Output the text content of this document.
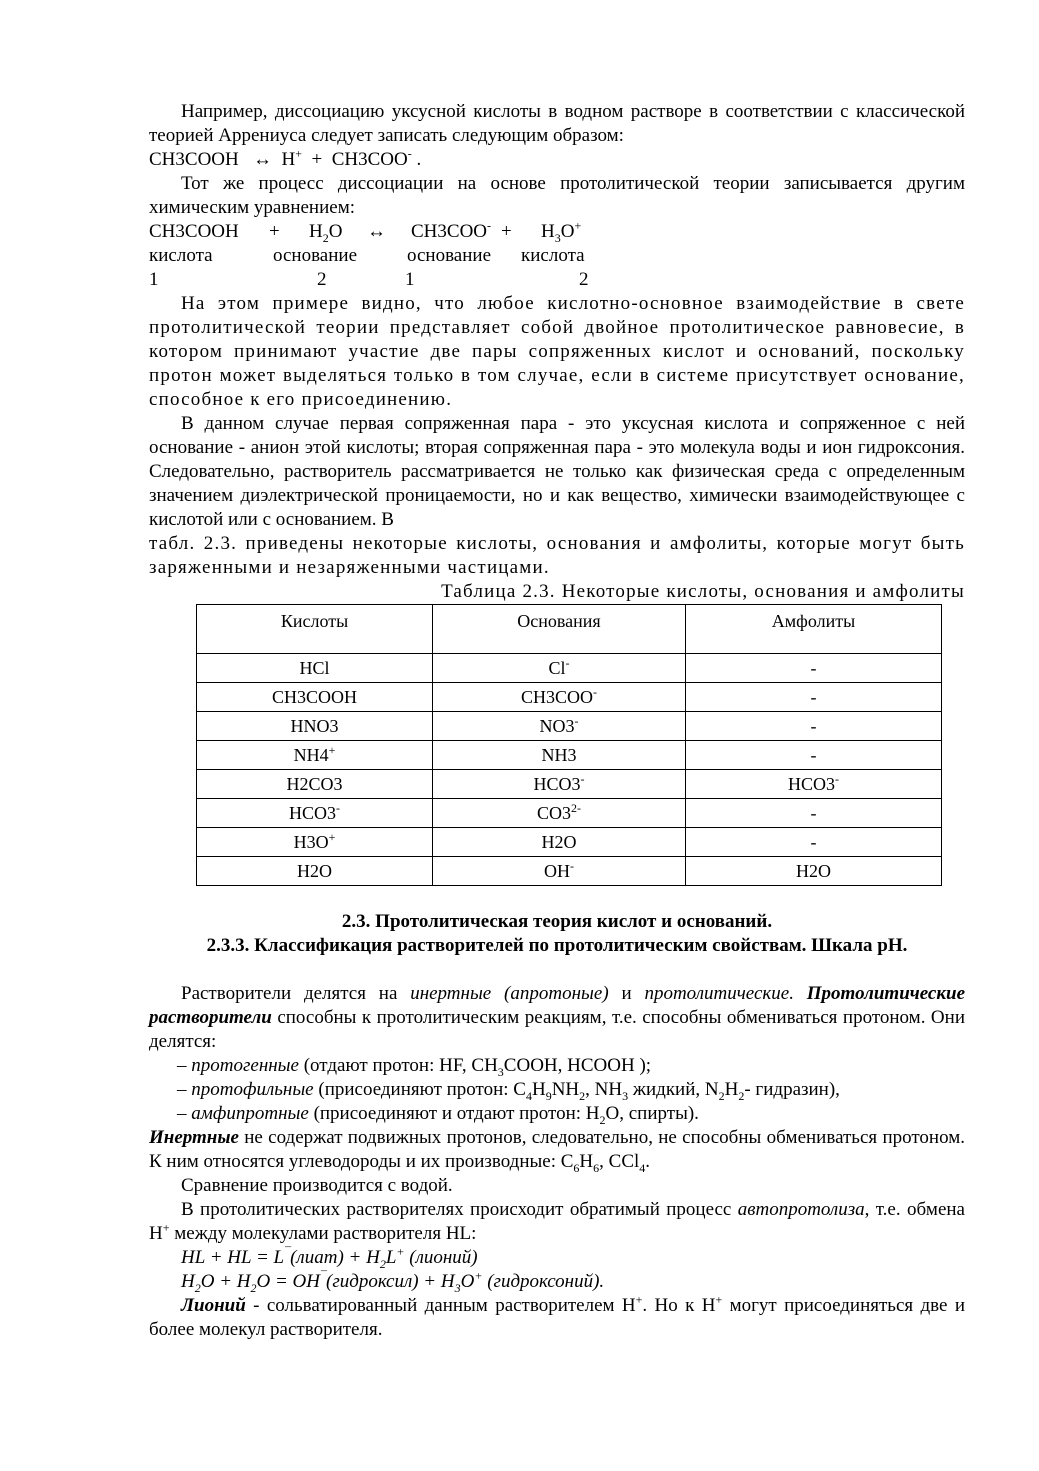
Например, диссоциацию уксусной кислоты в водном растворе в соответствии с классической теорией Аррениуса следует записать следующим образом:

CH3COOH ↔ H+ + CH3COO- .

Тот же процесс диссоциации на основе протолитической теории записывается другим химическим уравнением:

CH3COOH + $H_2O$ ↔ $CH3COO^- + H_3O^+$
кислота	основание	основание кислота
1	2	1	2

На этом примере видно, что любое кислотно-основное взаимодействие в свете протолитической теории представляет собой двойное протолитическое равновесие, в котором принимают участие две пары сопряженных кислот и оснований, поскольку протон может выделяться только в том случае, если в системе присутствует основание, способное к его присоединению.

В данном случае первая сопряженная пара - это уксусная кислота и сопряженное с ней основание - анион этой кислоты; вторая сопряженная пара - это молекула воды и ион гидроксония. Следовательно, растворитель рассматривается не только как физическая среда с определенным значением диэлектрической проницаемости, но и как вещество, химически взаимодействующее с кислотой или с основанием. В

табл. 2.3. приведены некоторые кислоты, основания и амфолиты, которые могут быть заряженными и незаряженными частицами.

Таблица 2.3. Некоторые кислоты, основания и амфолиты

Кислоты	Основания	Амфолиты
HCl	Cl-	-
CH3COOH	CH3COO-	-
HNO3	NO3-	-
NH4+	NH3	-
H2CO3	HCO3-	HCO3-
HCO3-	$CO3^{2-}$	-
H3O+	H2O	-
H2O	OH-	H2O

2.3. Протолитическая теория кислот и оснований.

2.3.3. Классификация растворителей по протолитическим свойствам. Шкала pH.

Растворители делятся на инертные (апротоные) и протолитические. Протолитические растворители способны к протолитическим реакциям, т.е. способны обмениваться протоном. Они делятся:

– протогенные (отдают протон: HF, $CH_3COOH$, HCOOH );

– протофильные (присоединяют протон: $C_4H_9NH_2$, $NH_3$ жидкий, $N_2H_2-$ гидразин),

– амфипротные (присоединяют и отдают протон: $H_2O$, спирты).

Инертные не содержат подвижных протонов, следовательно, не способны обмениваться протоном. К ним относятся углеводороды и их производные: $C_6H_6$, CCl$_4$.

Сравнение производится с водой.

В протолитических растворителях происходит обратимый процесс автопротолиза, т.е. обмена H+ между молекулами растворителя HL:

HL + HL = L¯(лиат) + $H_2L^+$ (лионий)

$H_2O + H_2O$ = OH¯(гидроксил) + $H_3O^+$ (гидроксоний).

Лионий - сольватированный данным растворителем H+. Но к H+ могут присоединяться две и более молекул растворителя.
